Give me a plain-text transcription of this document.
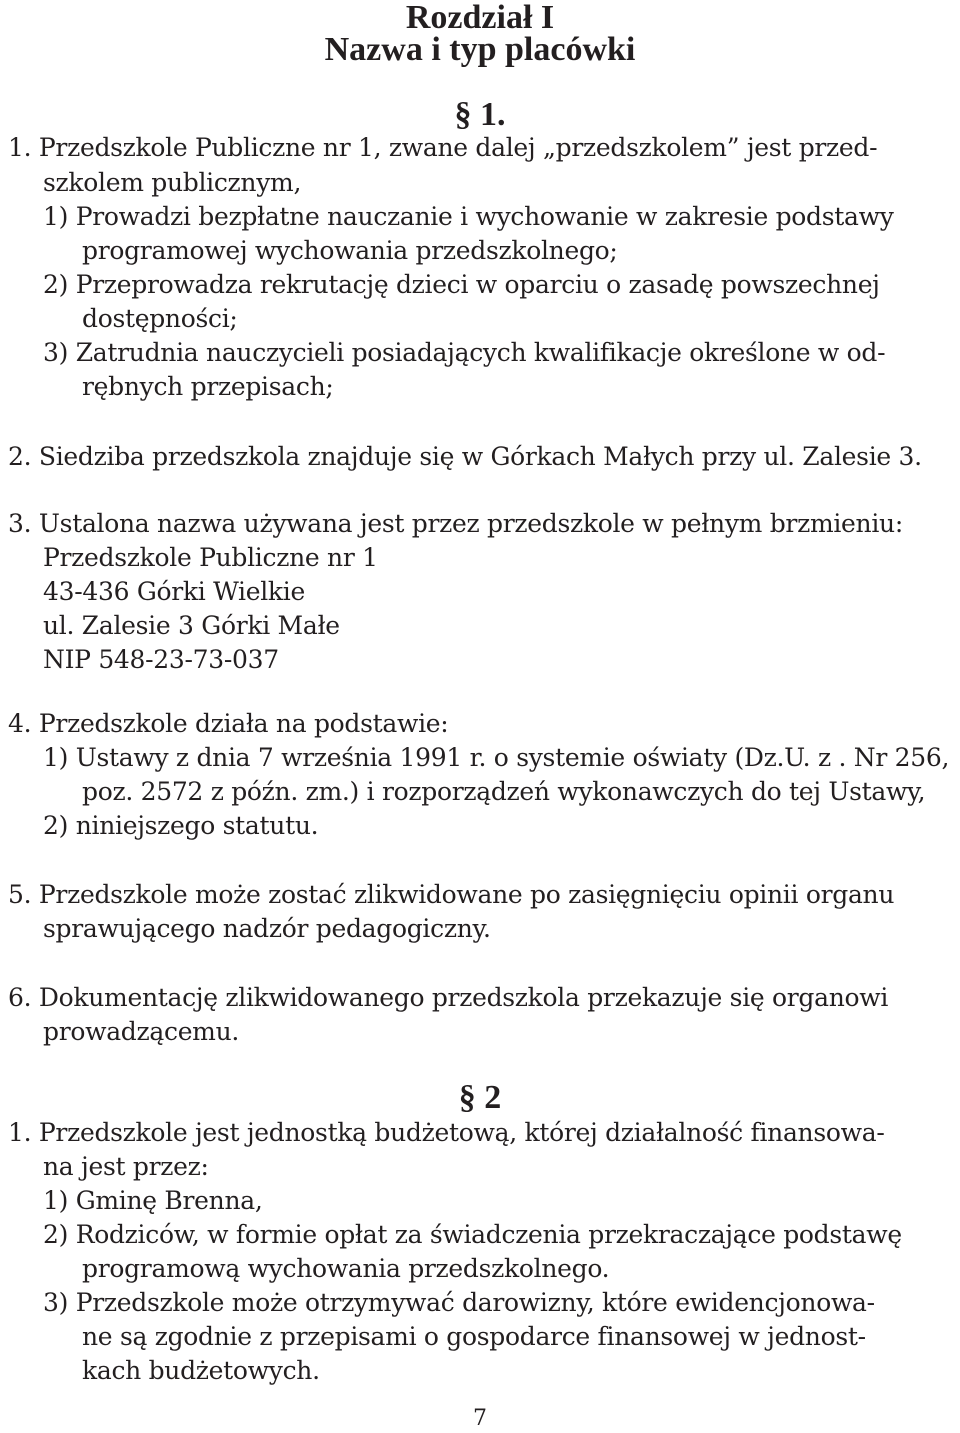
Rozdział I
Nazwa i typ placówki
§ 1.
1. Przedszkole Publiczne nr 1, zwane dalej „przedszkolem” jest przed-
szkolem publicznym,
1) Prowadzi bezpłatne nauczanie i wychowanie w zakresie podstawy
programowej wychowania przedszkolnego;
2) Przeprowadza rekrutację dzieci w oparciu o zasadę powszechnej
dostępności;
3) Zatrudnia nauczycieli posiadających kwalifikacje określone w od-
rębnych przepisach;
2. Siedziba przedszkola znajduje się w Górkach Małych przy ul. Zalesie 3.
3. Ustalona nazwa używana jest przez przedszkole w pełnym brzmieniu:
Przedszkole Publiczne nr 1
43-436 Górki Wielkie
ul. Zalesie 3 Górki Małe
NIP 548-23-73-037
4. Przedszkole działa na podstawie:
1) Ustawy z dnia 7 września 1991 r. o systemie oświaty (Dz.U. z . Nr 256,
poz. 2572 z późn. zm.) i rozporządzeń wykonawczych do tej Ustawy,
2) niniejszego statutu.
5. Przedszkole może zostać zlikwidowane po zasięgnięciu opinii organu
sprawującego nadzór pedagogiczny.
6. Dokumentację zlikwidowanego przedszkola przekazuje się organowi
prowadzącemu.
§ 2
1. Przedszkole jest jednostką budżetową, której działalność finansowa-
na jest przez:
1) Gminę Brenna,
2) Rodziców, w formie opłat za świadczenia przekraczające podstawę
programową wychowania przedszkolnego.
3) Przedszkole może otrzymywać darowizny, które ewidencjonowa-
ne są zgodnie z przepisami o gospodarce finansowej w jednost-
kach budżetowych.
7
